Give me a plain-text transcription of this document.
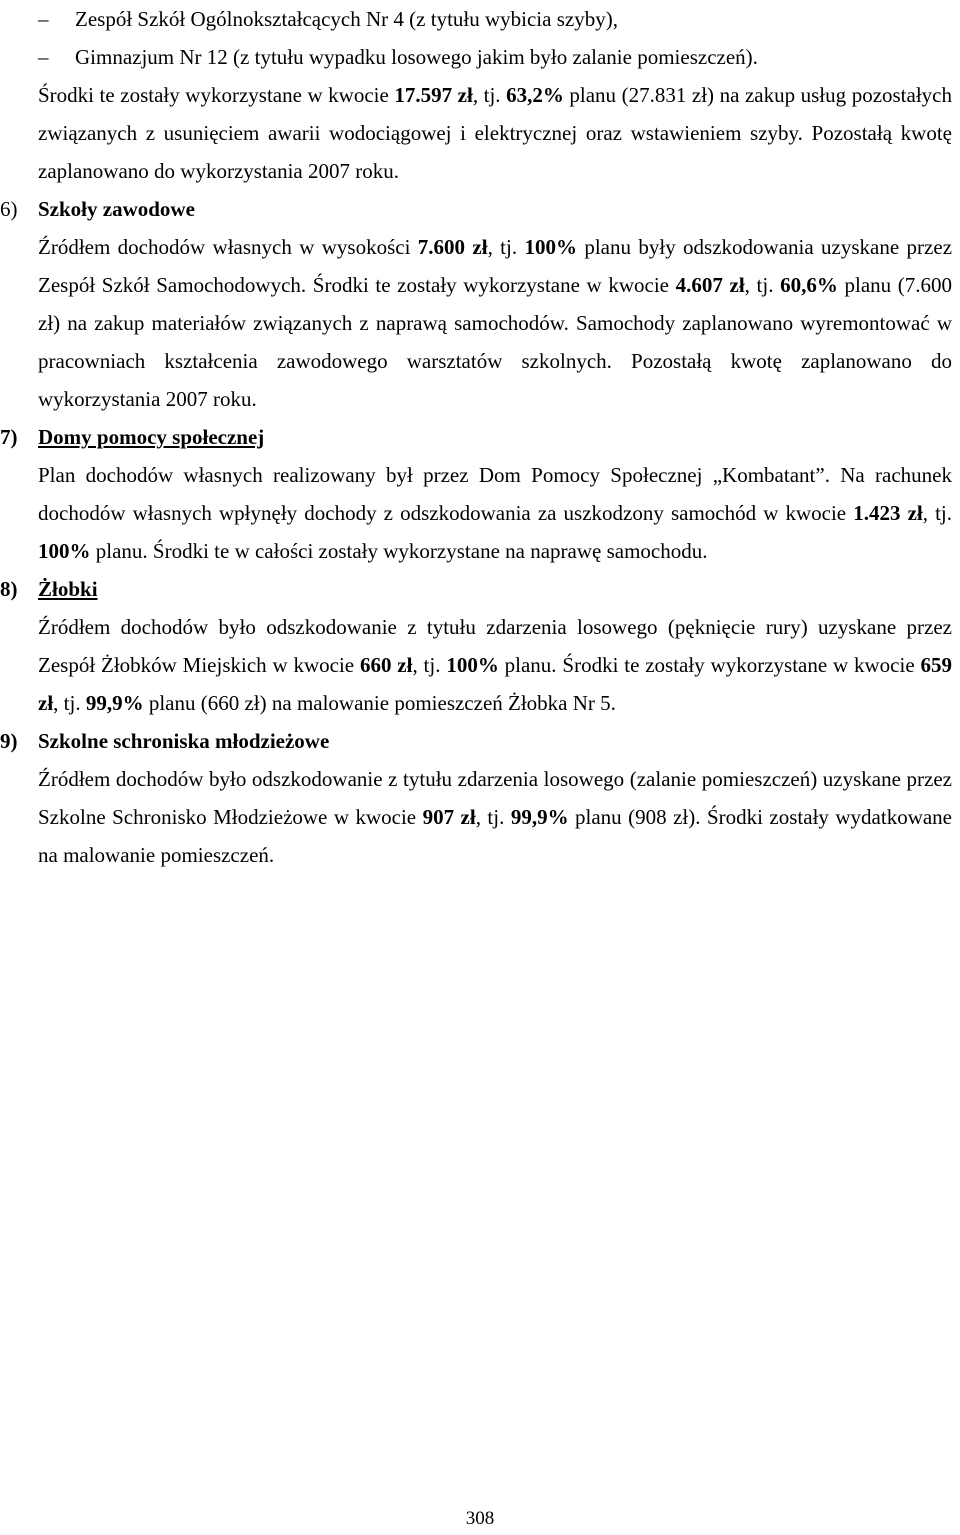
– Zespół Szkół Ogólnokształcących Nr 4 (z tytułu wybicia szyby),
– Gimnazjum Nr 12 (z tytułu wypadku losowego jakim było zalanie pomieszczeń).
Środki te zostały wykorzystane w kwocie 17.597 zł, tj. 63,2% planu (27.831 zł) na zakup usług pozostałych związanych z usunięciem awarii wodociągowej i elektrycznej oraz wstawieniem szyby. Pozostałą kwotę zaplanowano do wykorzystania 2007 roku.
6) Szkoły zawodowe
Źródłem dochodów własnych w wysokości 7.600 zł, tj. 100% planu były odszkodowania uzyskane przez Zespół Szkół Samochodowych. Środki te zostały wykorzystane w kwocie 4.607 zł, tj. 60,6% planu (7.600 zł) na zakup materiałów związanych z naprawą samochodów. Samochody zaplanowano wyremontować w pracowniach kształcenia zawodowego warsztatów szkolnych. Pozostałą kwotę zaplanowano do wykorzystania 2007 roku.
7) Domy pomocy społecznej
Plan dochodów własnych realizowany był przez Dom Pomocy Społecznej „Kombatant”. Na rachunek dochodów własnych wpłynęły dochody z odszkodowania za uszkodzony samochód w kwocie 1.423 zł, tj. 100% planu. Środki te w całości zostały wykorzystane na naprawę samochodu.
8) Żłobki
Źródłem dochodów było odszkodowanie z tytułu zdarzenia losowego (pęknięcie rury) uzyskane przez Zespół Żłobków Miejskich w kwocie 660 zł, tj. 100% planu. Środki te zostały wykorzystane w kwocie 659 zł, tj. 99,9% planu (660 zł) na malowanie pomieszczeń Żłobka Nr 5.
9) Szkolne schroniska młodzieżowe
Źródłem dochodów było odszkodowanie z tytułu zdarzenia losowego (zalanie pomieszczeń) uzyskane przez Szkolne Schronisko Młodzieżowe w kwocie 907 zł, tj. 99,9% planu (908 zł). Środki zostały wydatkowane na malowanie pomieszczeń.
308
